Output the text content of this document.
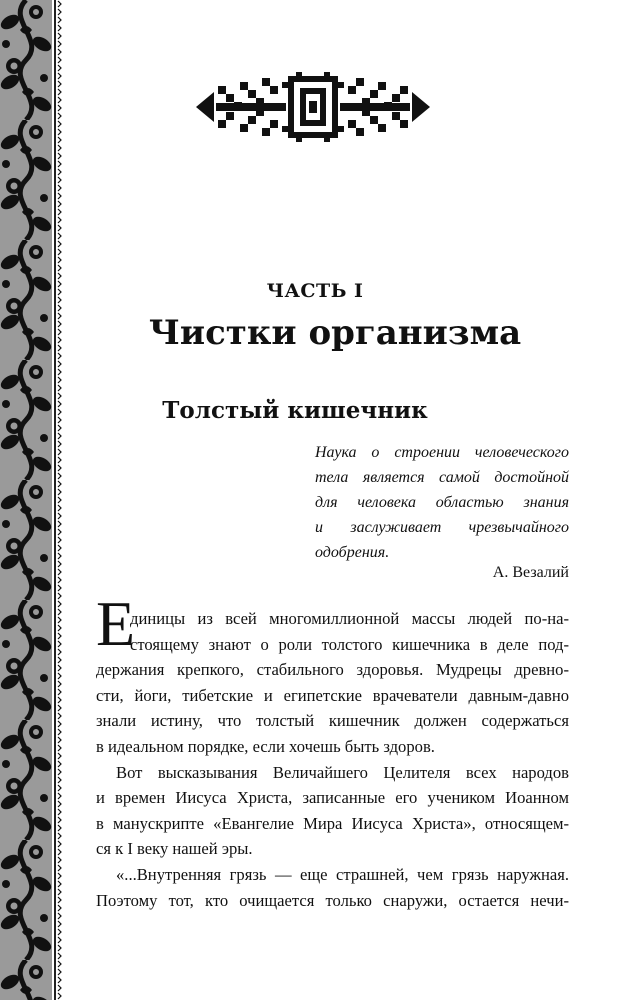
ЧАСТЬ I
Чистки организма
Толстый кишечник
Наука о строении человеческого
тела является самой достойной
для человека областью знания
и заслуживает чрезвычайного
одобрения.
А. Везалий
Е
диницы из всей многомиллионной массы людей по-на-
стоящему знают о роли толстого кишечника в деле под-
держания крепкого, стабильного здоровья. Мудрецы древно-
сти, йоги, тибетские и египетские врачеватели давным-давно
знали истину, что толстый кишечник должен содержаться
в идеальном порядке, если хочешь быть здоров.
Вот высказывания Величайшего Целителя всех народов
и времен Иисуса Христа, записанные его учеником Иоанном
в манускрипте «Евангелие Мира Иисуса Христа», относящем-
ся к I веку нашей эры.
«...Внутренняя грязь — еще страшней, чем грязь наружная.
Поэтому тот, кто очищается только снаружи, остается нечи-
